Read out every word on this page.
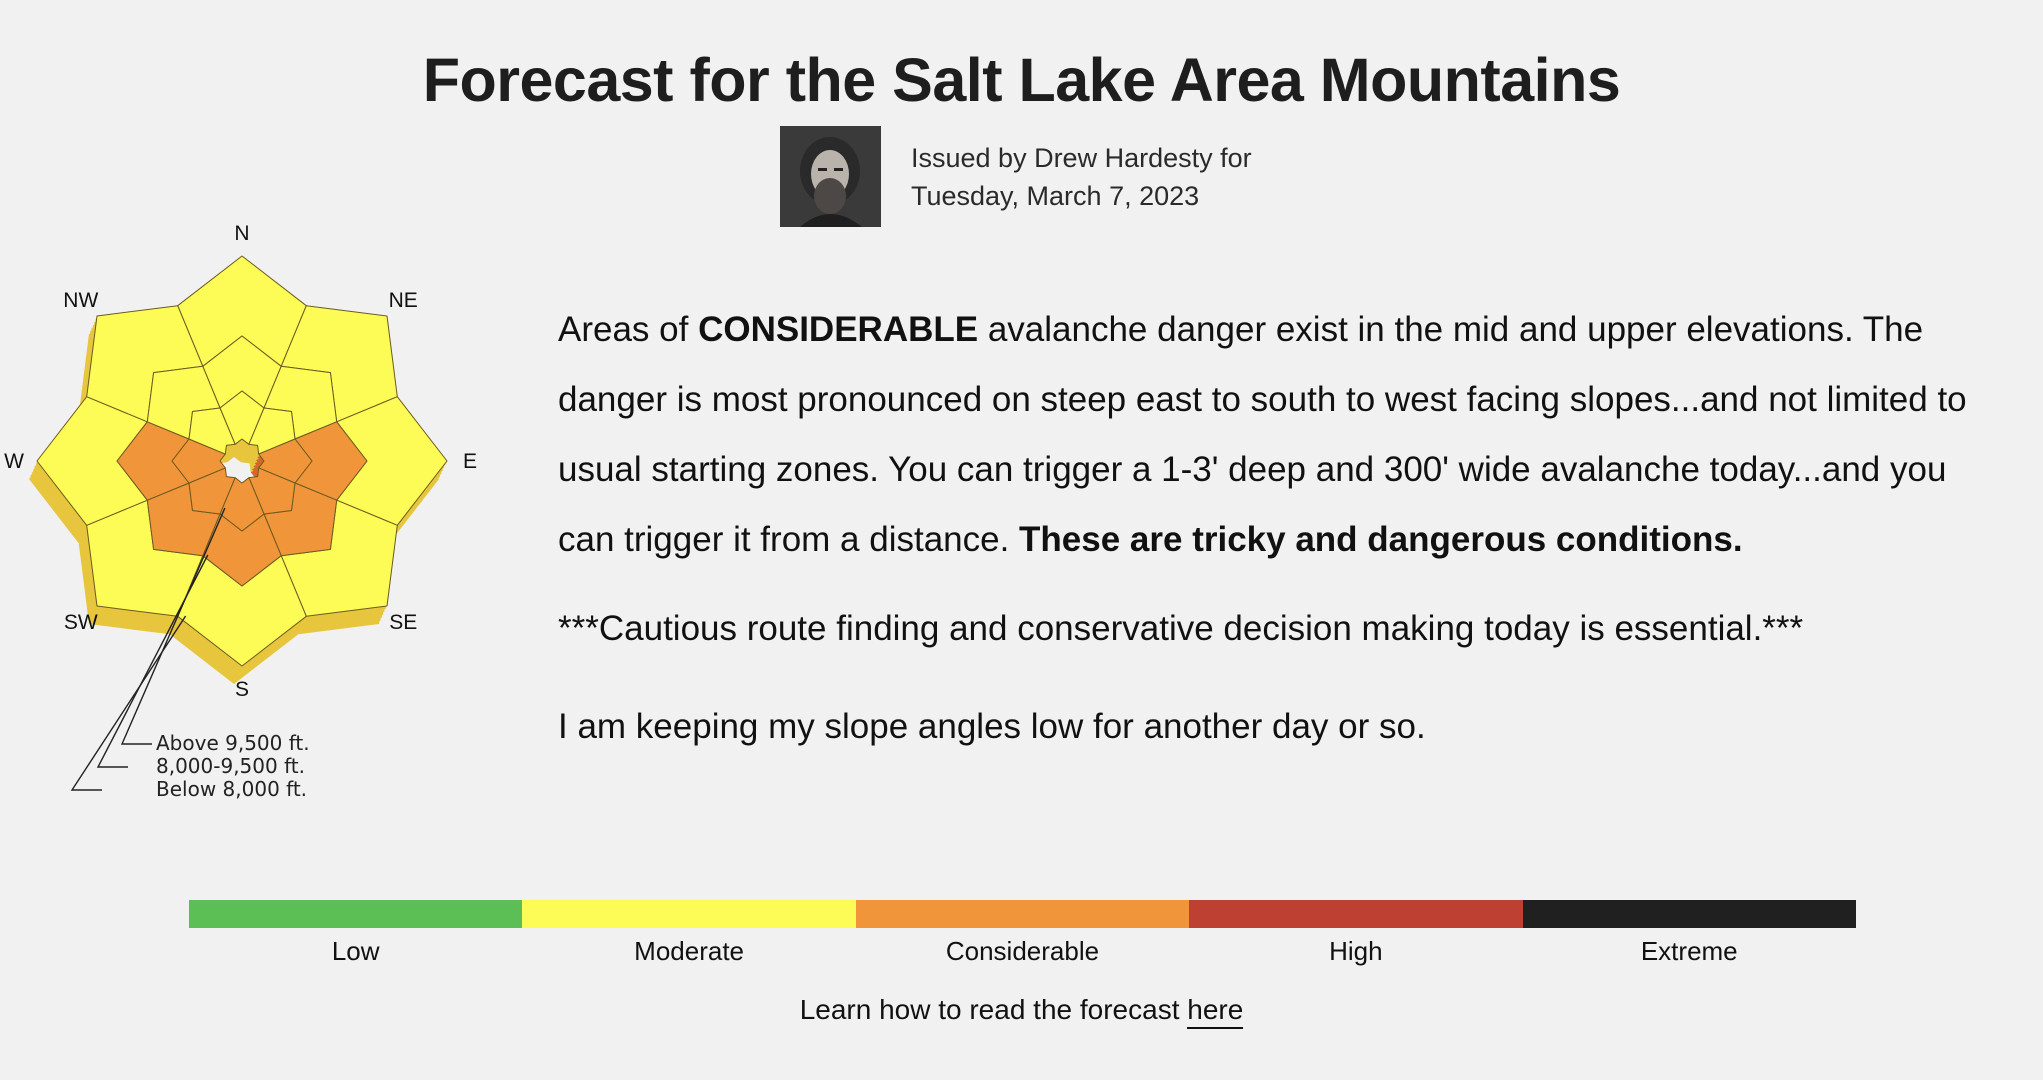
Forecast for the Salt Lake Area Mountains
Issued by Drew Hardesty for
Tuesday, March 7, 2023
N
NE
E
SE
S
SW
W
NW
Above 9,500 ft.
8,000-9,500 ft.
Below 8,000 ft.

Areas of CONSIDERABLE avalanche danger exist in the mid and upper elevations. The danger is most pronounced on steep east to south to west facing slopes...and not limited to usual starting zones. You can trigger a 1-3' deep and 300' wide avalanche today...and you can trigger it from a distance. These are tricky and dangerous conditions.

***Cautious route finding and conservative decision making today is essential.***

I am keeping my slope angles low for another day or so.

Low	Moderate	Considerable	High	Extreme
Learn how to read the forecast here
